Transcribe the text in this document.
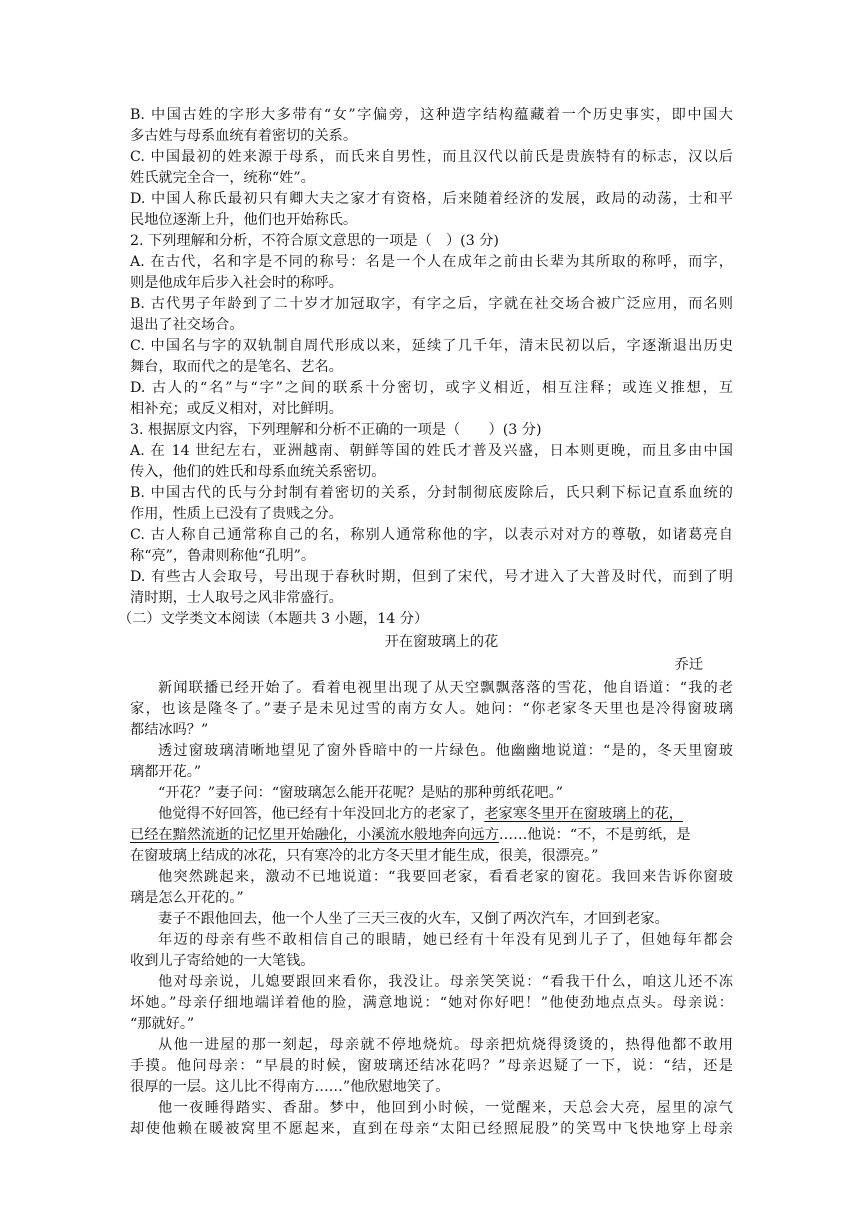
B. 中国古姓的字形大多带有“女”字偏旁，这种造字结构蕴藏着一个历史事实，即中国大
多古姓与母系血统有着密切的关系。
C. 中国最初的姓来源于母系，而氏来自男性，而且汉代以前氏是贵族特有的标志，汉以后
姓氏就完全合一，统称“姓”。
D. 中国人称氏最初只有卿大夫之家才有资格，后来随着经济的发展，政局的动荡，士和平
民地位逐渐上升，他们也开始称氏。
2. 下列理解和分析，不符合原文意思的一项是（　）(3 分)
A. 在古代，名和字是不同的称号：名是一个人在成年之前由长辈为其所取的称呼，而字，
则是他成年后步入社会时的称呼。
B. 古代男子年龄到了二十岁才加冠取字，有字之后，字就在社交场合被广泛应用，而名则
退出了社交场合。
C. 中国名与字的双轨制自周代形成以来，延续了几千年，清末民初以后，字逐渐退出历史
舞台，取而代之的是笔名、艺名。
D. 古人的“名”与“字”之间的联系十分密切，或字义相近，相互注释；或连义推想，互
相补充；或反义相对，对比鲜明。
3. 根据原文内容，下列理解和分析不正确的一项是（　　）(3 分)
A. 在 14 世纪左右，亚洲越南、朝鲜等国的姓氏才普及兴盛，日本则更晚，而且多由中国
传入，他们的姓氏和母系血统关系密切。
B. 中国古代的氏与分封制有着密切的关系，分封制彻底废除后，氏只剩下标记直系血统的
作用，性质上已没有了贵贱之分。
C. 古人称自己通常称自己的名，称别人通常称他的字，以表示对对方的尊敬，如诸葛亮自
称“亮”，鲁肃则称他“孔明”。
D. 有些古人会取号，号出现于春秋时期，但到了宋代，号才进入了大普及时代，而到了明
清时期，士人取号之风非常盛行。
（二）文学类文本阅读（本题共 3 小题，14 分）
开在窗玻璃上的花
乔迁
新闻联播已经开始了。看着电视里出现了从天空飘飘落落的雪花，他自语道：“我的老
家，也该是隆冬了。”妻子是未见过雪的南方女人。她问：“你老家冬天里也是冷得窗玻璃
都结冰吗？”
透过窗玻璃清晰地望见了窗外昏暗中的一片绿色。他幽幽地说道：“是的，冬天里窗玻
璃都开花。”
“开花？”妻子问：“窗玻璃怎么能开花呢？是贴的那种剪纸花吧。”
他觉得不好回答，他已经有十年没回北方的老家了，老家寒冬里开在窗玻璃上的花，
已经在黯然流逝的记忆里开始融化，小溪流水般地奔向远方……他说：“不，不是剪纸，是
在窗玻璃上结成的冰花，只有寒冷的北方冬天里才能生成，很美，很漂亮。”
他突然跳起来，激动不已地说道：“我要回老家，看看老家的窗花。我回来告诉你窗玻
璃是怎么开花的。”
妻子不跟他回去，他一个人坐了三天三夜的火车，又倒了两次汽车，才回到老家。
年迈的母亲有些不敢相信自己的眼睛，她已经有十年没有见到儿子了，但她每年都会
收到儿子寄给她的一大笔钱。
他对母亲说，儿媳要跟回来看你，我没让。母亲笑笑说：“看我干什么，咱这儿还不冻
坏她。”母亲仔细地端详着他的脸，满意地说：“她对你好吧！”他使劲地点点头。母亲说：
“那就好。”
从他一进屋的那一刻起，母亲就不停地烧炕。母亲把炕烧得烫烫的，热得他都不敢用
手摸。他问母亲：“早晨的时候，窗玻璃还结冰花吗？”母亲迟疑了一下，说：“结，还是
很厚的一层。这儿比不得南方……”他欣慰地笑了。
他一夜睡得踏实、香甜。梦中，他回到小时候，一觉醒来，天总会大亮，屋里的凉气
却使他赖在暖被窝里不愿起来，直到在母亲“太阳已经照屁股”的笑骂中飞快地穿上母亲
